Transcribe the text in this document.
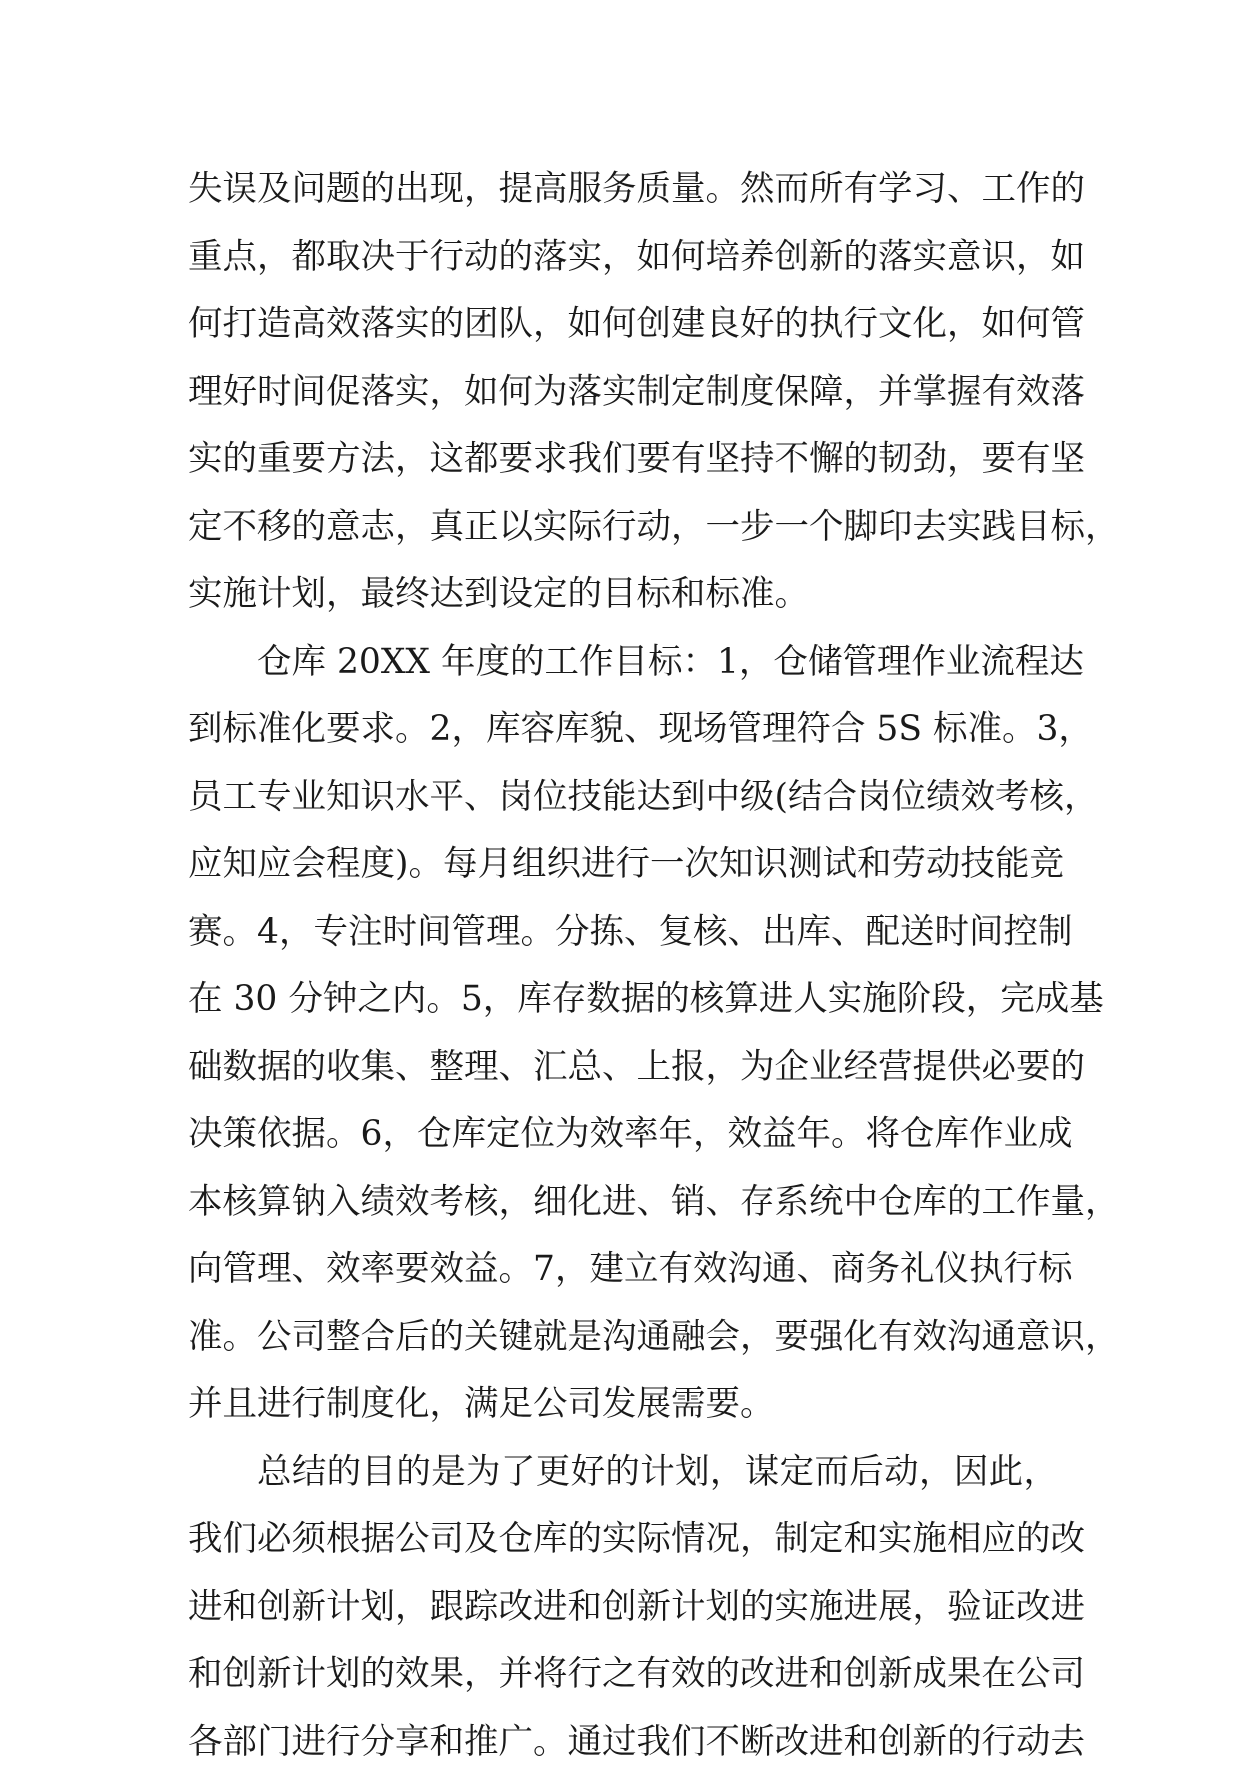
失误及问题的出现，提高服务质量。然而所有学习、工作的
重点，都取决于行动的落实，如何培养创新的落实意识，如
何打造高效落实的团队，如何创建良好的执行文化，如何管
理好时间促落实，如何为落实制定制度保障，并掌握有效落
实的重要方法，这都要求我们要有坚持不懈的韧劲，要有坚
定不移的意志，真正以实际行动，一步一个脚印去实践目标，
实施计划，最终达到设定的目标和标准。
仓库 20XX 年度的工作目标：1，仓储管理作业流程达
到标准化要求。2，库容库貌、现场管理符合 5S 标准。3，
员工专业知识水平、岗位技能达到中级(结合岗位绩效考核，
应知应会程度)。每月组织进行一次知识测试和劳动技能竞
赛。4，专注时间管理。分拣、复核、出库、配送时间控制
在 30 分钟之内。5，库存数据的核算进人实施阶段，完成基
础数据的收集、整理、汇总、上报，为企业经营提供必要的
决策依据。6，仓库定位为效率年，效益年。将仓库作业成
本核算钠入绩效考核，细化进、销、存系统中仓库的工作量，
向管理、效率要效益。7，建立有效沟通、商务礼仪执行标
准。公司整合后的关键就是沟通融会，要强化有效沟通意识，
并且进行制度化，满足公司发展需要。
总结的目的是为了更好的计划，谋定而后动，因此，
我们必须根据公司及仓库的实际情况，制定和实施相应的改
进和创新计划，跟踪改进和创新计划的实施进展，验证改进
和创新计划的效果，并将行之有效的改进和创新成果在公司
各部门进行分享和推广。通过我们不断改进和创新的行动去
